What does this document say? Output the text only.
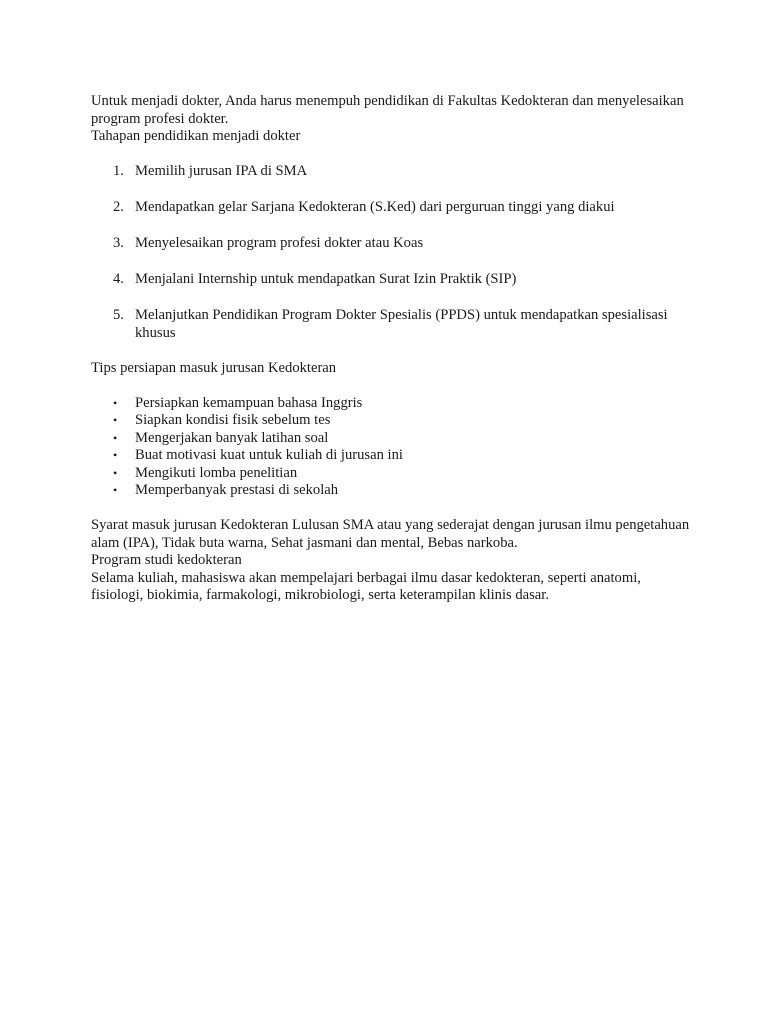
Untuk menjadi dokter, Anda harus menempuh pendidikan di Fakultas Kedokteran dan menyelesaikan program profesi dokter.

Tahapan pendidikan menjadi dokter

1. Memilih jurusan IPA di SMA
2. Mendapatkan gelar Sarjana Kedokteran (S.Ked) dari perguruan tinggi yang diakui
3. Menyelesaikan program profesi dokter atau Koas
4. Menjalani Internship untuk mendapatkan Surat Izin Praktik (SIP)
5. Melanjutkan Pendidikan Program Dokter Spesialis (PPDS) untuk mendapatkan spesialisasi khusus

Tips persiapan masuk jurusan Kedokteran

• Persiapkan kemampuan bahasa Inggris
• Siapkan kondisi fisik sebelum tes
• Mengerjakan banyak latihan soal
• Buat motivasi kuat untuk kuliah di jurusan ini
• Mengikuti lomba penelitian
• Memperbanyak prestasi di sekolah

Syarat masuk jurusan Kedokteran Lulusan SMA atau yang sederajat dengan jurusan ilmu pengetahuan alam (IPA), Tidak buta warna, Sehat jasmani dan mental, Bebas narkoba.

Program studi kedokteran

Selama kuliah, mahasiswa akan mempelajari berbagai ilmu dasar kedokteran, seperti anatomi, fisiologi, biokimia, farmakologi, mikrobiologi, serta keterampilan klinis dasar.
